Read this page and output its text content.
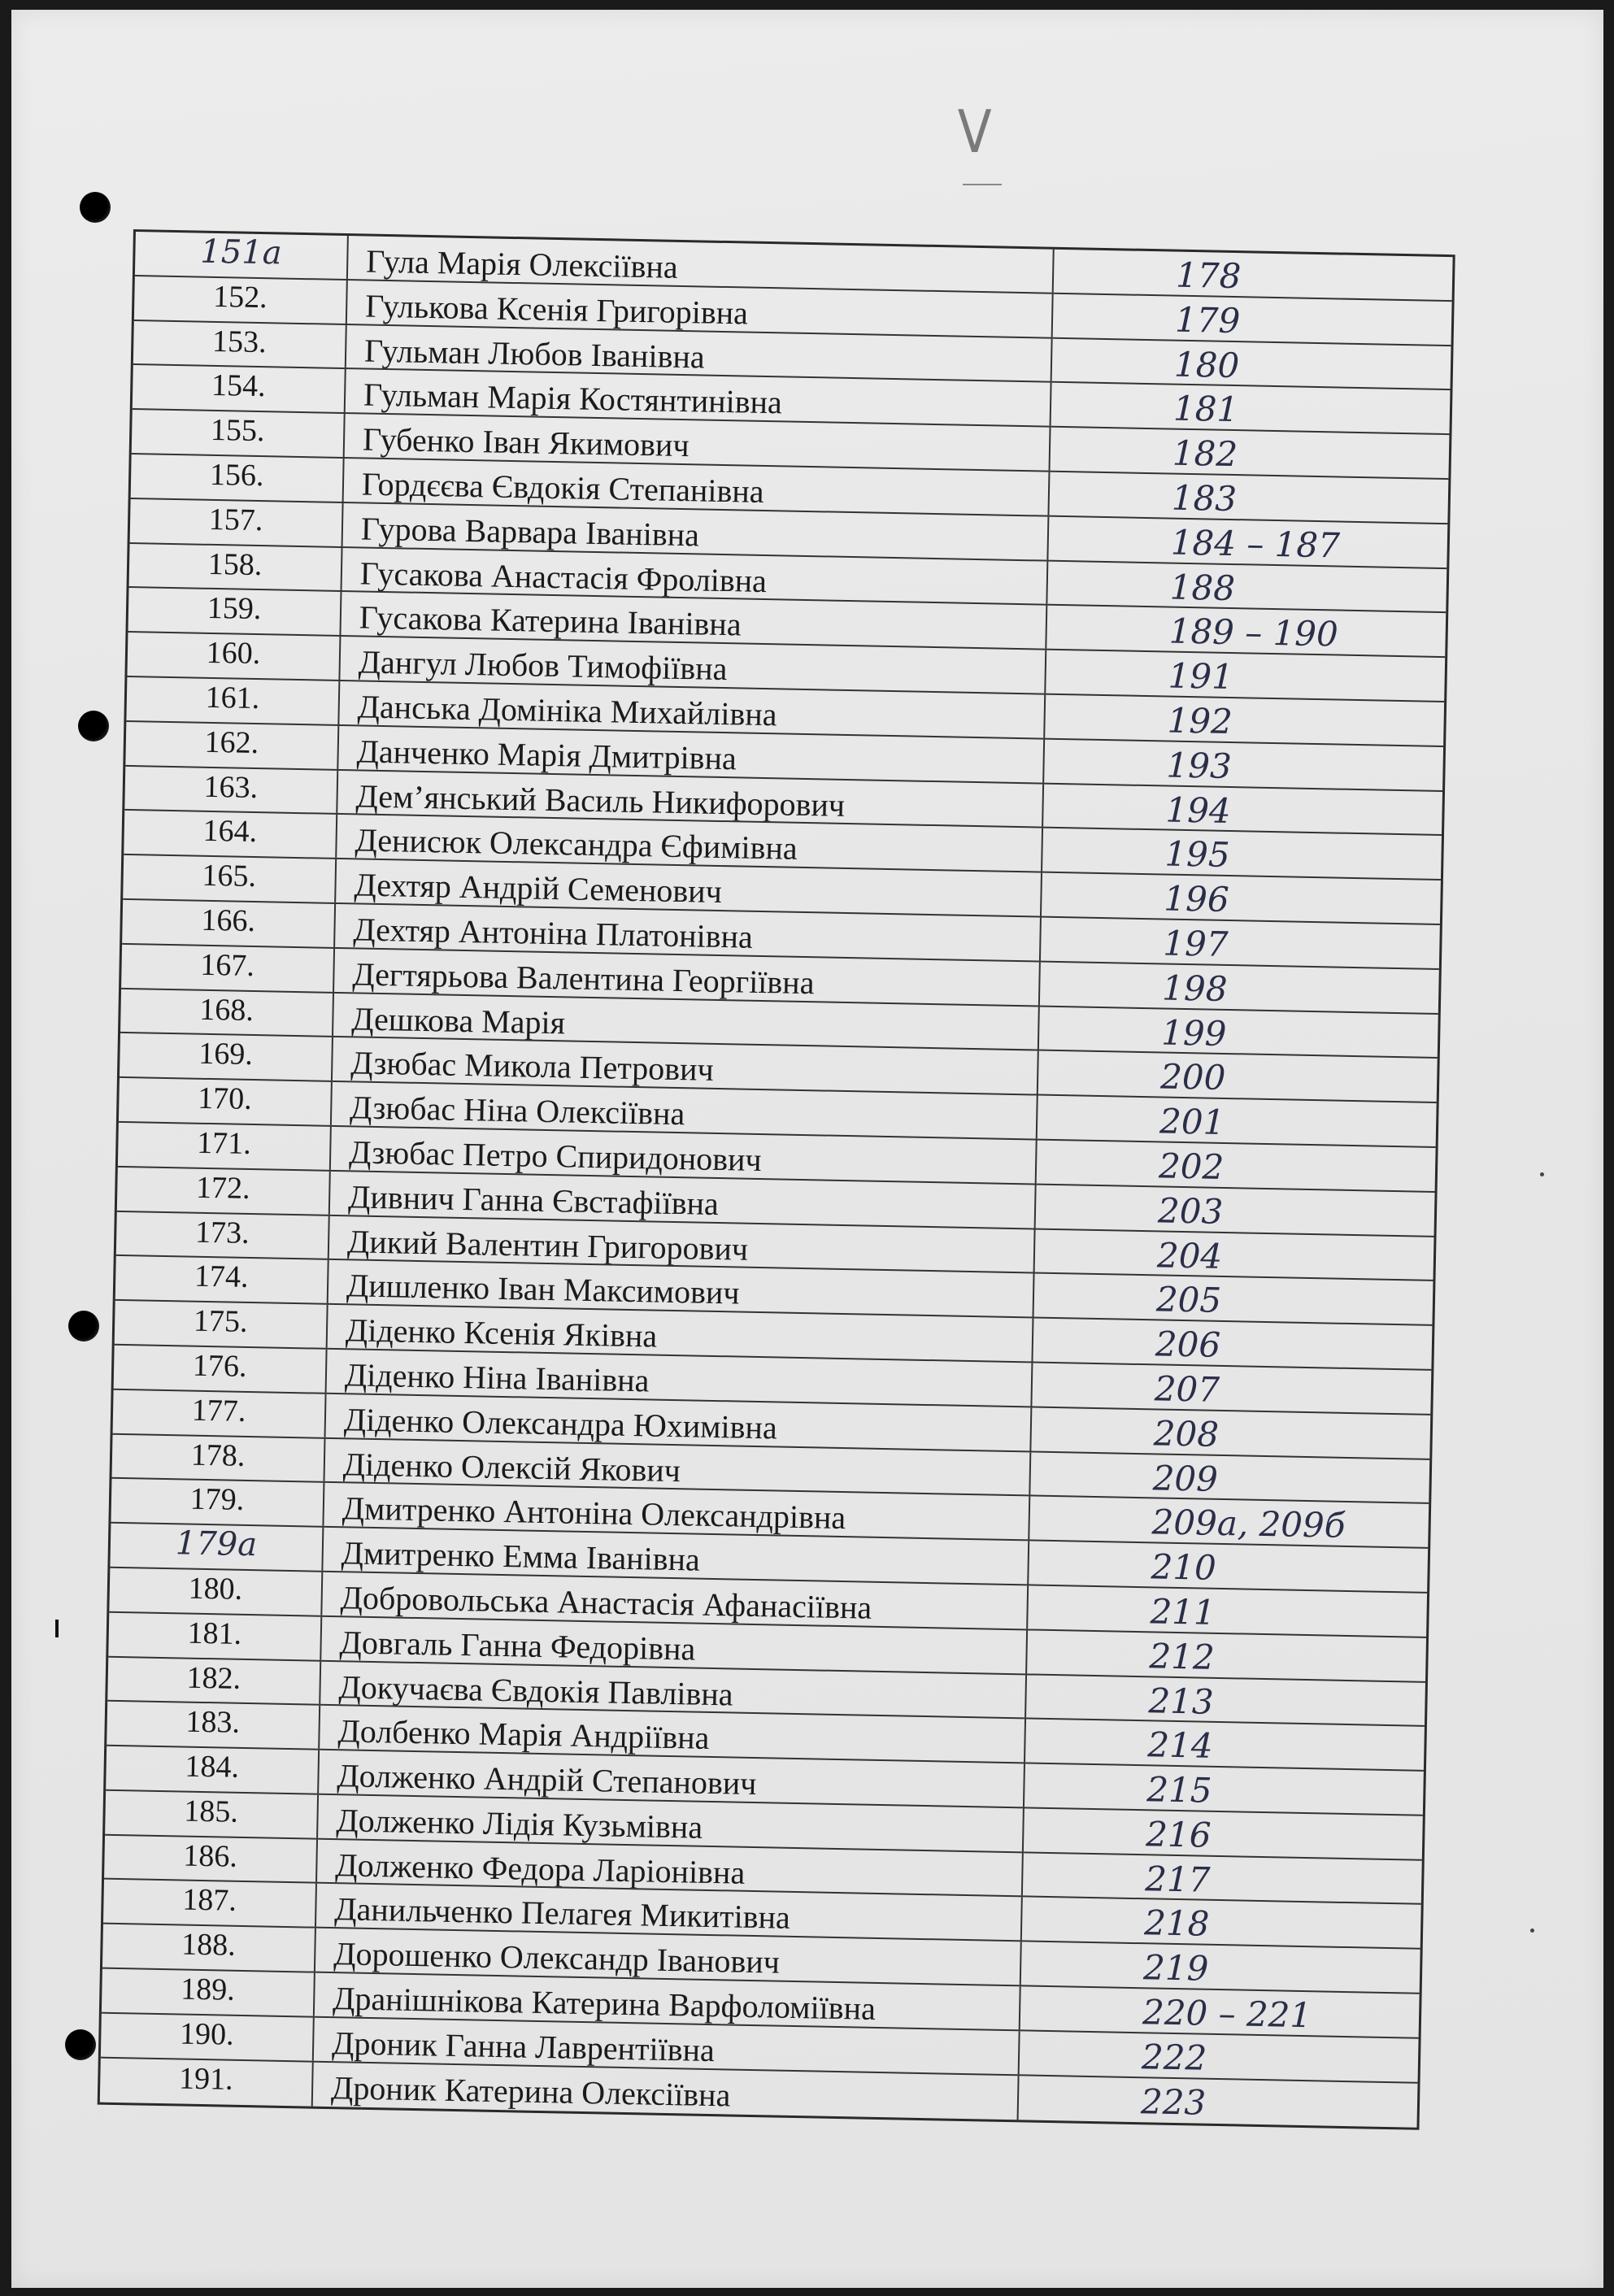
V
151а	Гула Марія Олексіївна	178
152.	Гулькова Ксенія Григорівна	179
153.	Гульман Любов Іванівна	180
154.	Гульман Марія Костянтинівна	181
155.	Губенко Іван Якимович	182
156.	Гордєєва Євдокія Степанівна	183
157.	Гурова Варвара Іванівна	184 – 187
158.	Гусакова Анастасія Фролівна	188
159.	Гусакова Катерина Іванівна	189 – 190
160.	Дангул Любов Тимофіївна	191
161.	Данська Домініка Михайлівна	192
162.	Данченко Марія Дмитрівна	193
163.	Дем’янський Василь Никифорович	194
164.	Денисюк Олександра Єфимівна	195
165.	Дехтяр Андрій Семенович	196
166.	Дехтяр Антоніна Платонівна	197
167.	Дегтярьова Валентина Георгіївна	198
168.	Дешкова Марія	199
169.	Дзюбас Микола Петрович	200
170.	Дзюбас Ніна Олексіївна	201
171.	Дзюбас Петро Спиридонович	202
172.	Дивнич Ганна Євстафіївна	203
173.	Дикий Валентин Григорович	204
174.	Дишленко Іван Максимович	205
175.	Діденко Ксенія Яківна	206
176.	Діденко Ніна Іванівна	207
177.	Діденко Олександра Юхимівна	208
178.	Діденко Олексій Якович	209
179.	Дмитренко Антоніна Олександрівна	209а, 209б
179а	Дмитренко Емма Іванівна	210
180.	Добровольська Анастасія Афанасіївна	211
181.	Довгаль Ганна Федорівна	212
182.	Докучаєва Євдокія Павлівна	213
183.	Долбенко Марія Андріївна	214
184.	Долженко Андрій Степанович	215
185.	Долженко Лідія Кузьмівна	216
186.	Долженко Федора Ларіонівна	217
187.	Данильченко Пелагея Микитівна	218
188.	Дорошенко Олександр Іванович	219
189.	Дранішнікова Катерина Варфоломіївна	220 – 221
190.	Дроник Ганна Лаврентіївна	222
191.	Дроник Катерина Олексіївна	223
